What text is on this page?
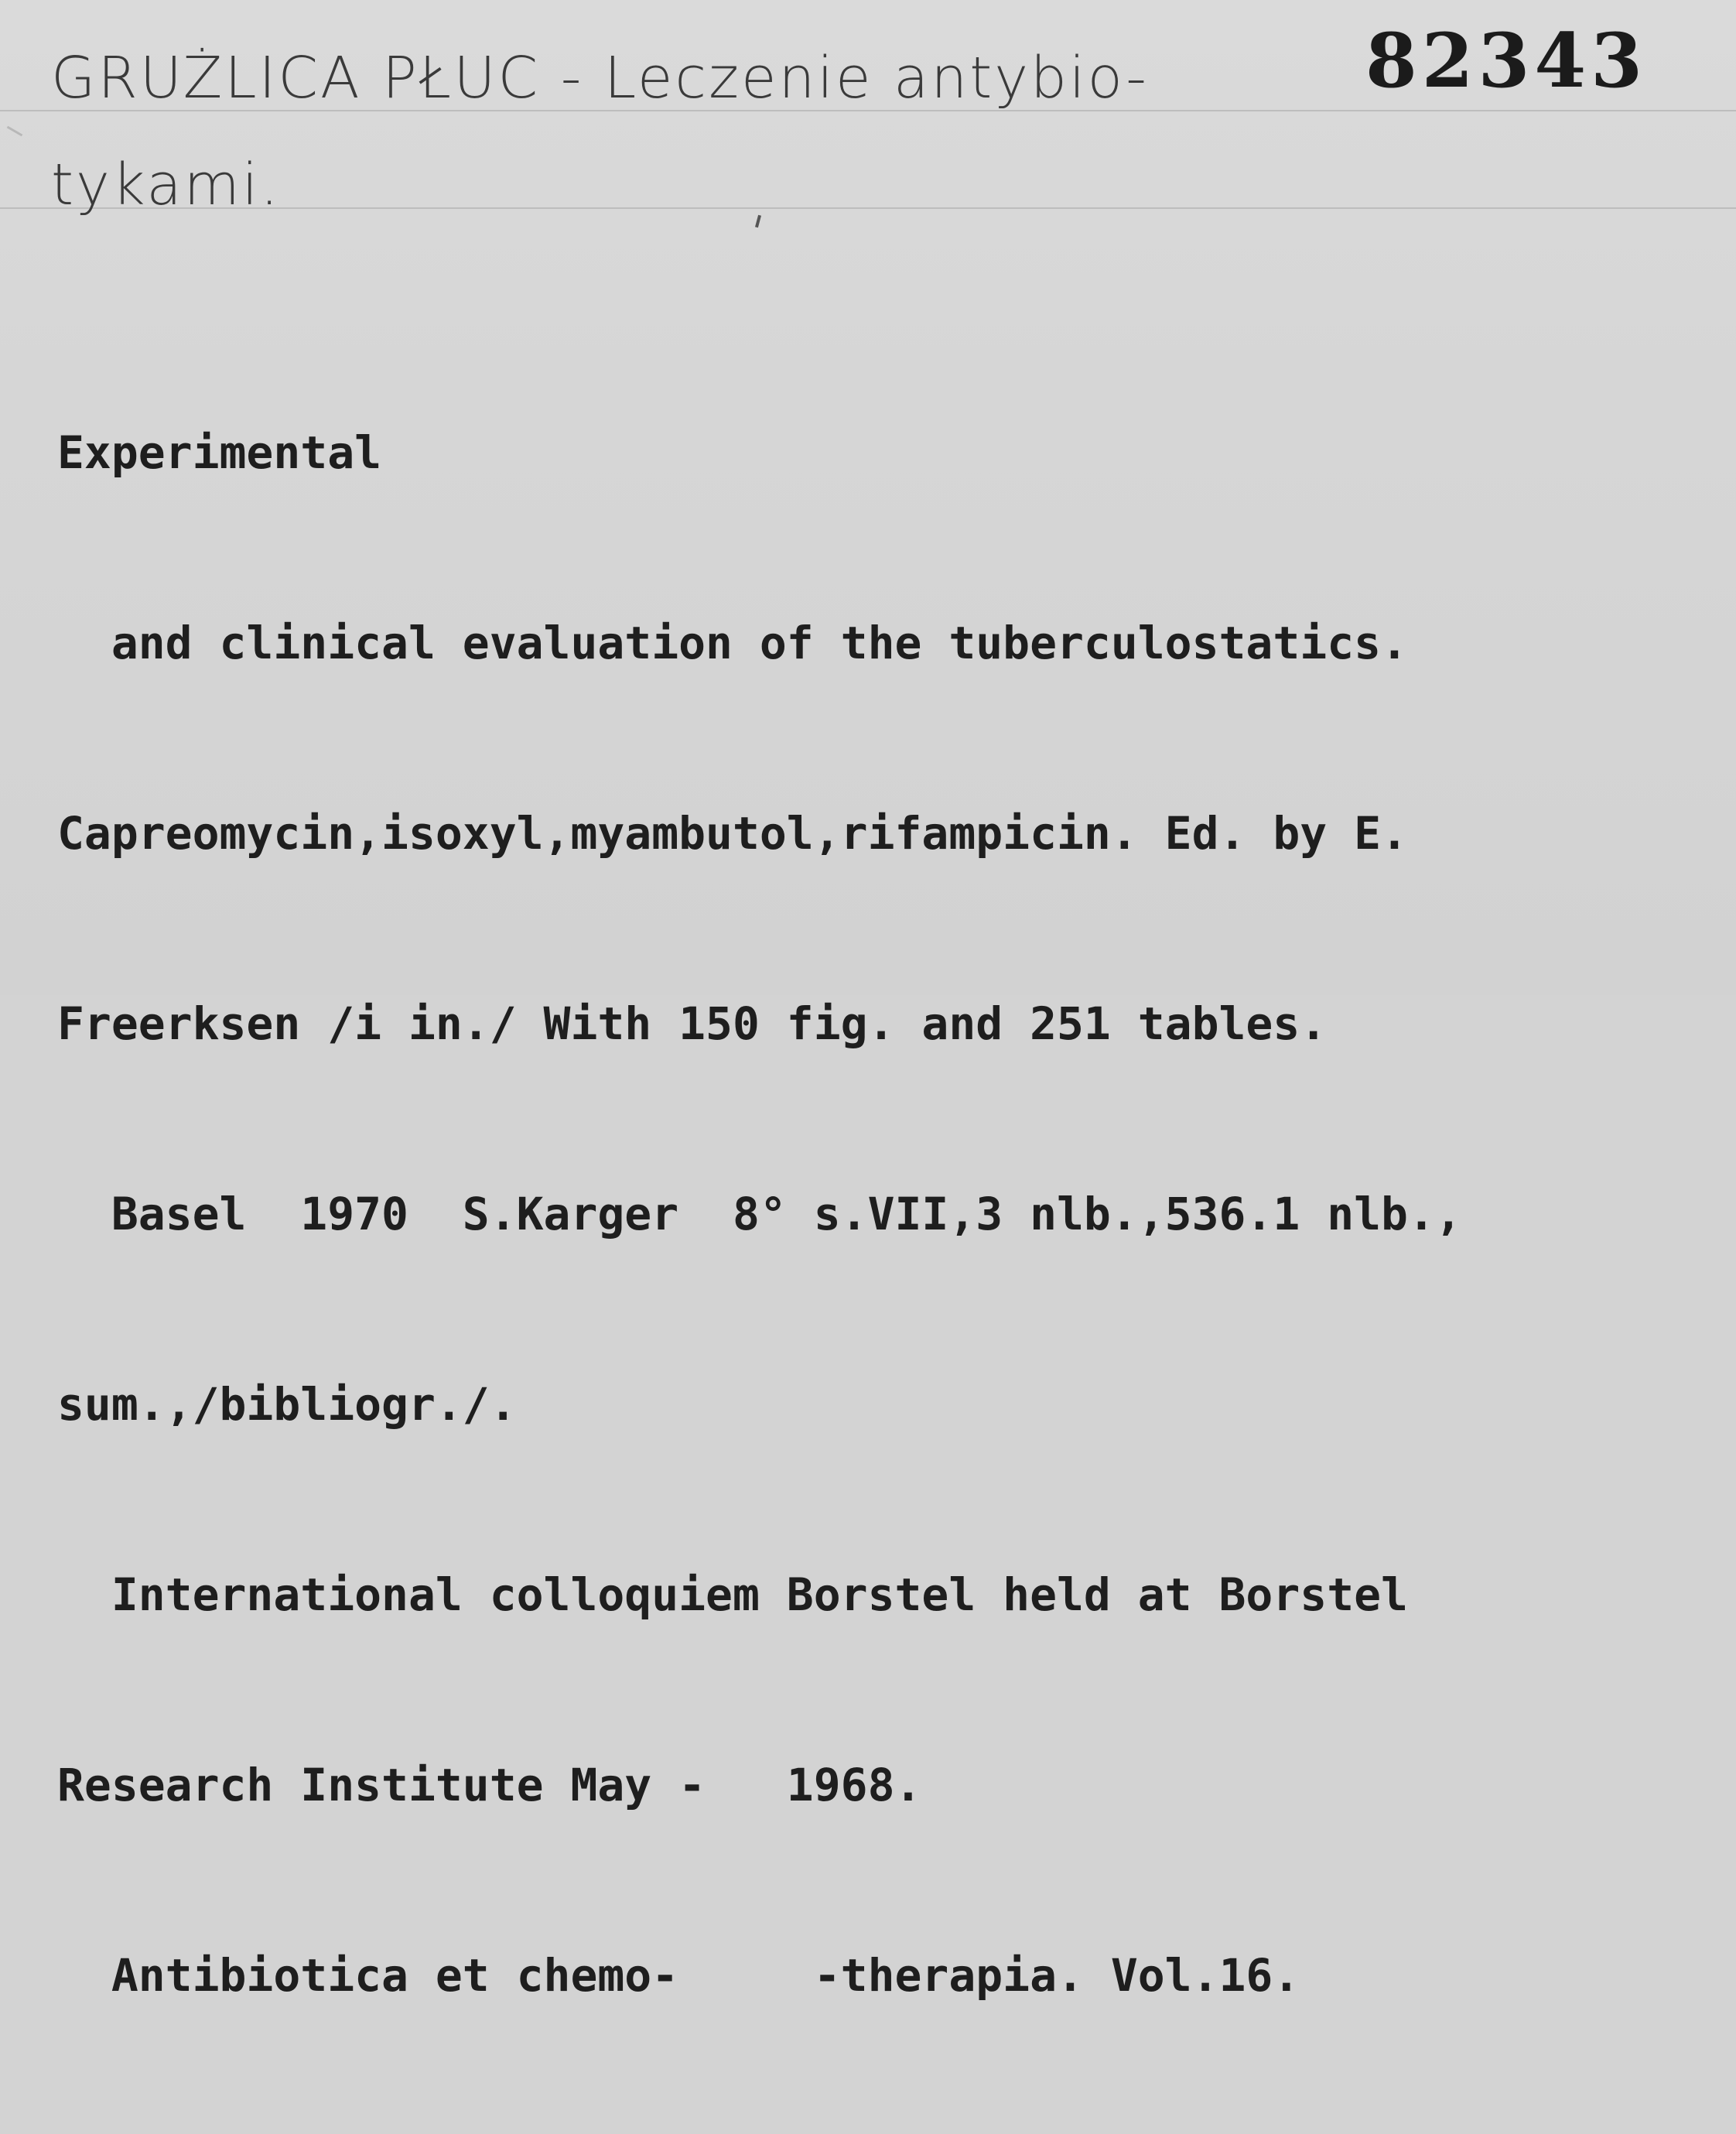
GRUŻLICA PŁUC - Leczenie antybio-
tykami.
82343

Experimental

and clinical evaluation of the tuberculostatics.

Capreomycin,isoxyl,myambutol,rifampicin. Ed. by E.

Freerksen /i in./ With 150 fig. and 251 tables.

Basel  1970  S.Karger  8° s.VII,3 nlb.,536.1 nlb.,

sum.,/bibliogr./.

International colloquiem Borstel held at Borstel

Research Institute May -   1968.

Antibiotica et chemo-     -therapia. Vol.16.
